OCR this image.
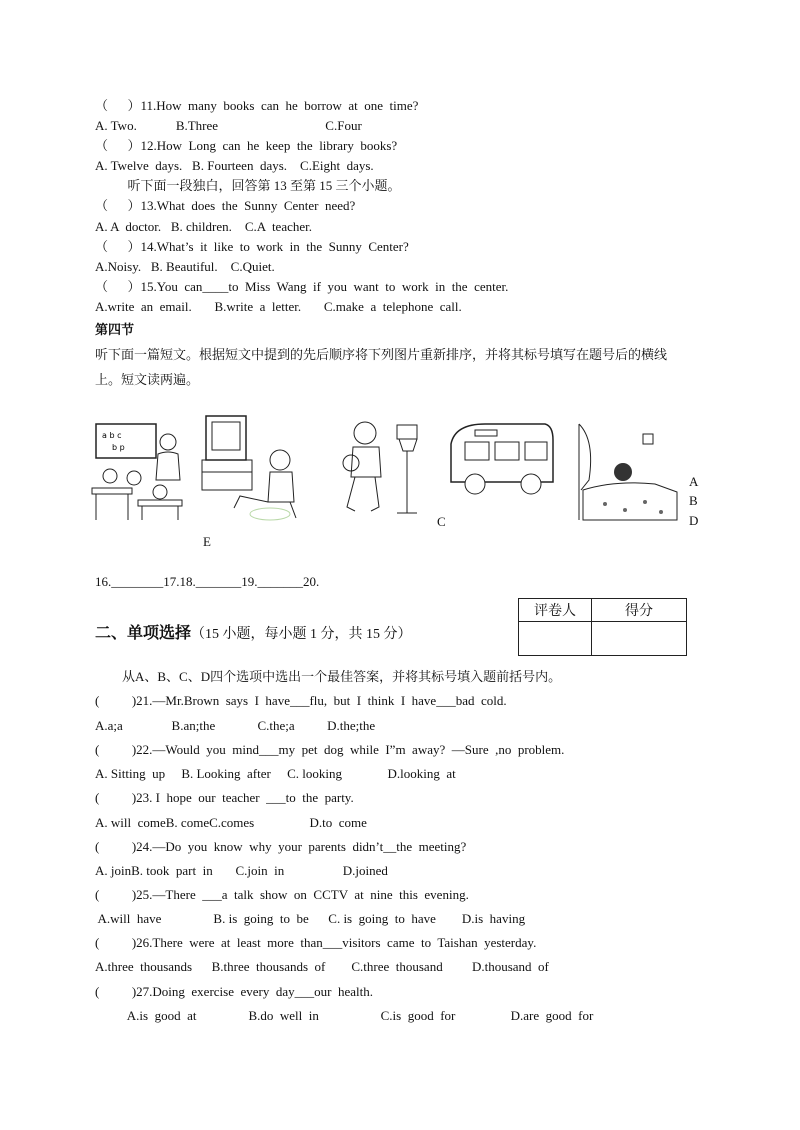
（      ）11.How  many  books  can  he  borrow  at  one  time?
A. Two.            B.Three                                 C.Four
（      ）12.How  Long  can  he  keep  the  library  books?
A. Twelve  days.   B. Fourteen  days.    C.Eight  days.
听下面一段独白，回答第 13 至第 15 三个小题。
（      ）13.What  does  the  Sunny  Center  need?
A. A  doctor.   B. children.    C.A  teacher.
（      ）14.What’s  it  like  to  work  in  the  Sunny  Center?
A.Noisy.   B. Beautiful.    C.Quiet.
（      ）15.You  can____to  Miss  Wang  if  you  want  to  work  in  the  center.
A.write  an  email.       B.write  a  letter.       C.make  a  telephone  call.
第四节
听下面一篇短文。根据短文中提到的先后顺序将下列图片重新排序，并将其标号填写在题号后的横线
上。短文读两遍。
a b c
b p
A
B
C	D
E
16.________17.18._______19._______20.
二、单项选择（15 小题，每小题 1 分，共 15 分）
评卷人	得分

从A、B、C、D四个选项中选出一个最佳答案，并将其标号填入题前括号内。
(          )21.—Mr.Brown  says  I  have___flu,  but  I  think  I  have___bad  cold.
A.a;a               B.an;the             C.the;a          D.the;the
(          )22.—Would  you  mind___my  pet  dog  while  I”m  away?  —Sure  ,no  problem.
A. Sitting  up     B. Looking  after     C. looking              D.looking  at
(          )23. I  hope  our  teacher  ___to  the  party.
A. will  comeB. comeC.comes                 D.to  come
(          )24.—Do  you  know  why  your  parents  didn’t__the  meeting?
A. joinB. took  part  in       C.join  in                  D.joined
(          )25.—There  ___a  talk  show  on  CCTV  at  nine  this  evening.
A.will  have                B. is  going  to  be      C. is  going  to  have        D.is  having
(          )26.There  were  at  least  more  than___visitors  came  to  Taishan  yesterday.
A.three  thousands      B.three  thousands  of        C.three  thousand         D.thousand  of
(          )27.Doing  exercise  every  day___our  health.
A.is  good  at                B.do  well  in                   C.is  good  for                 D.are  good  for
